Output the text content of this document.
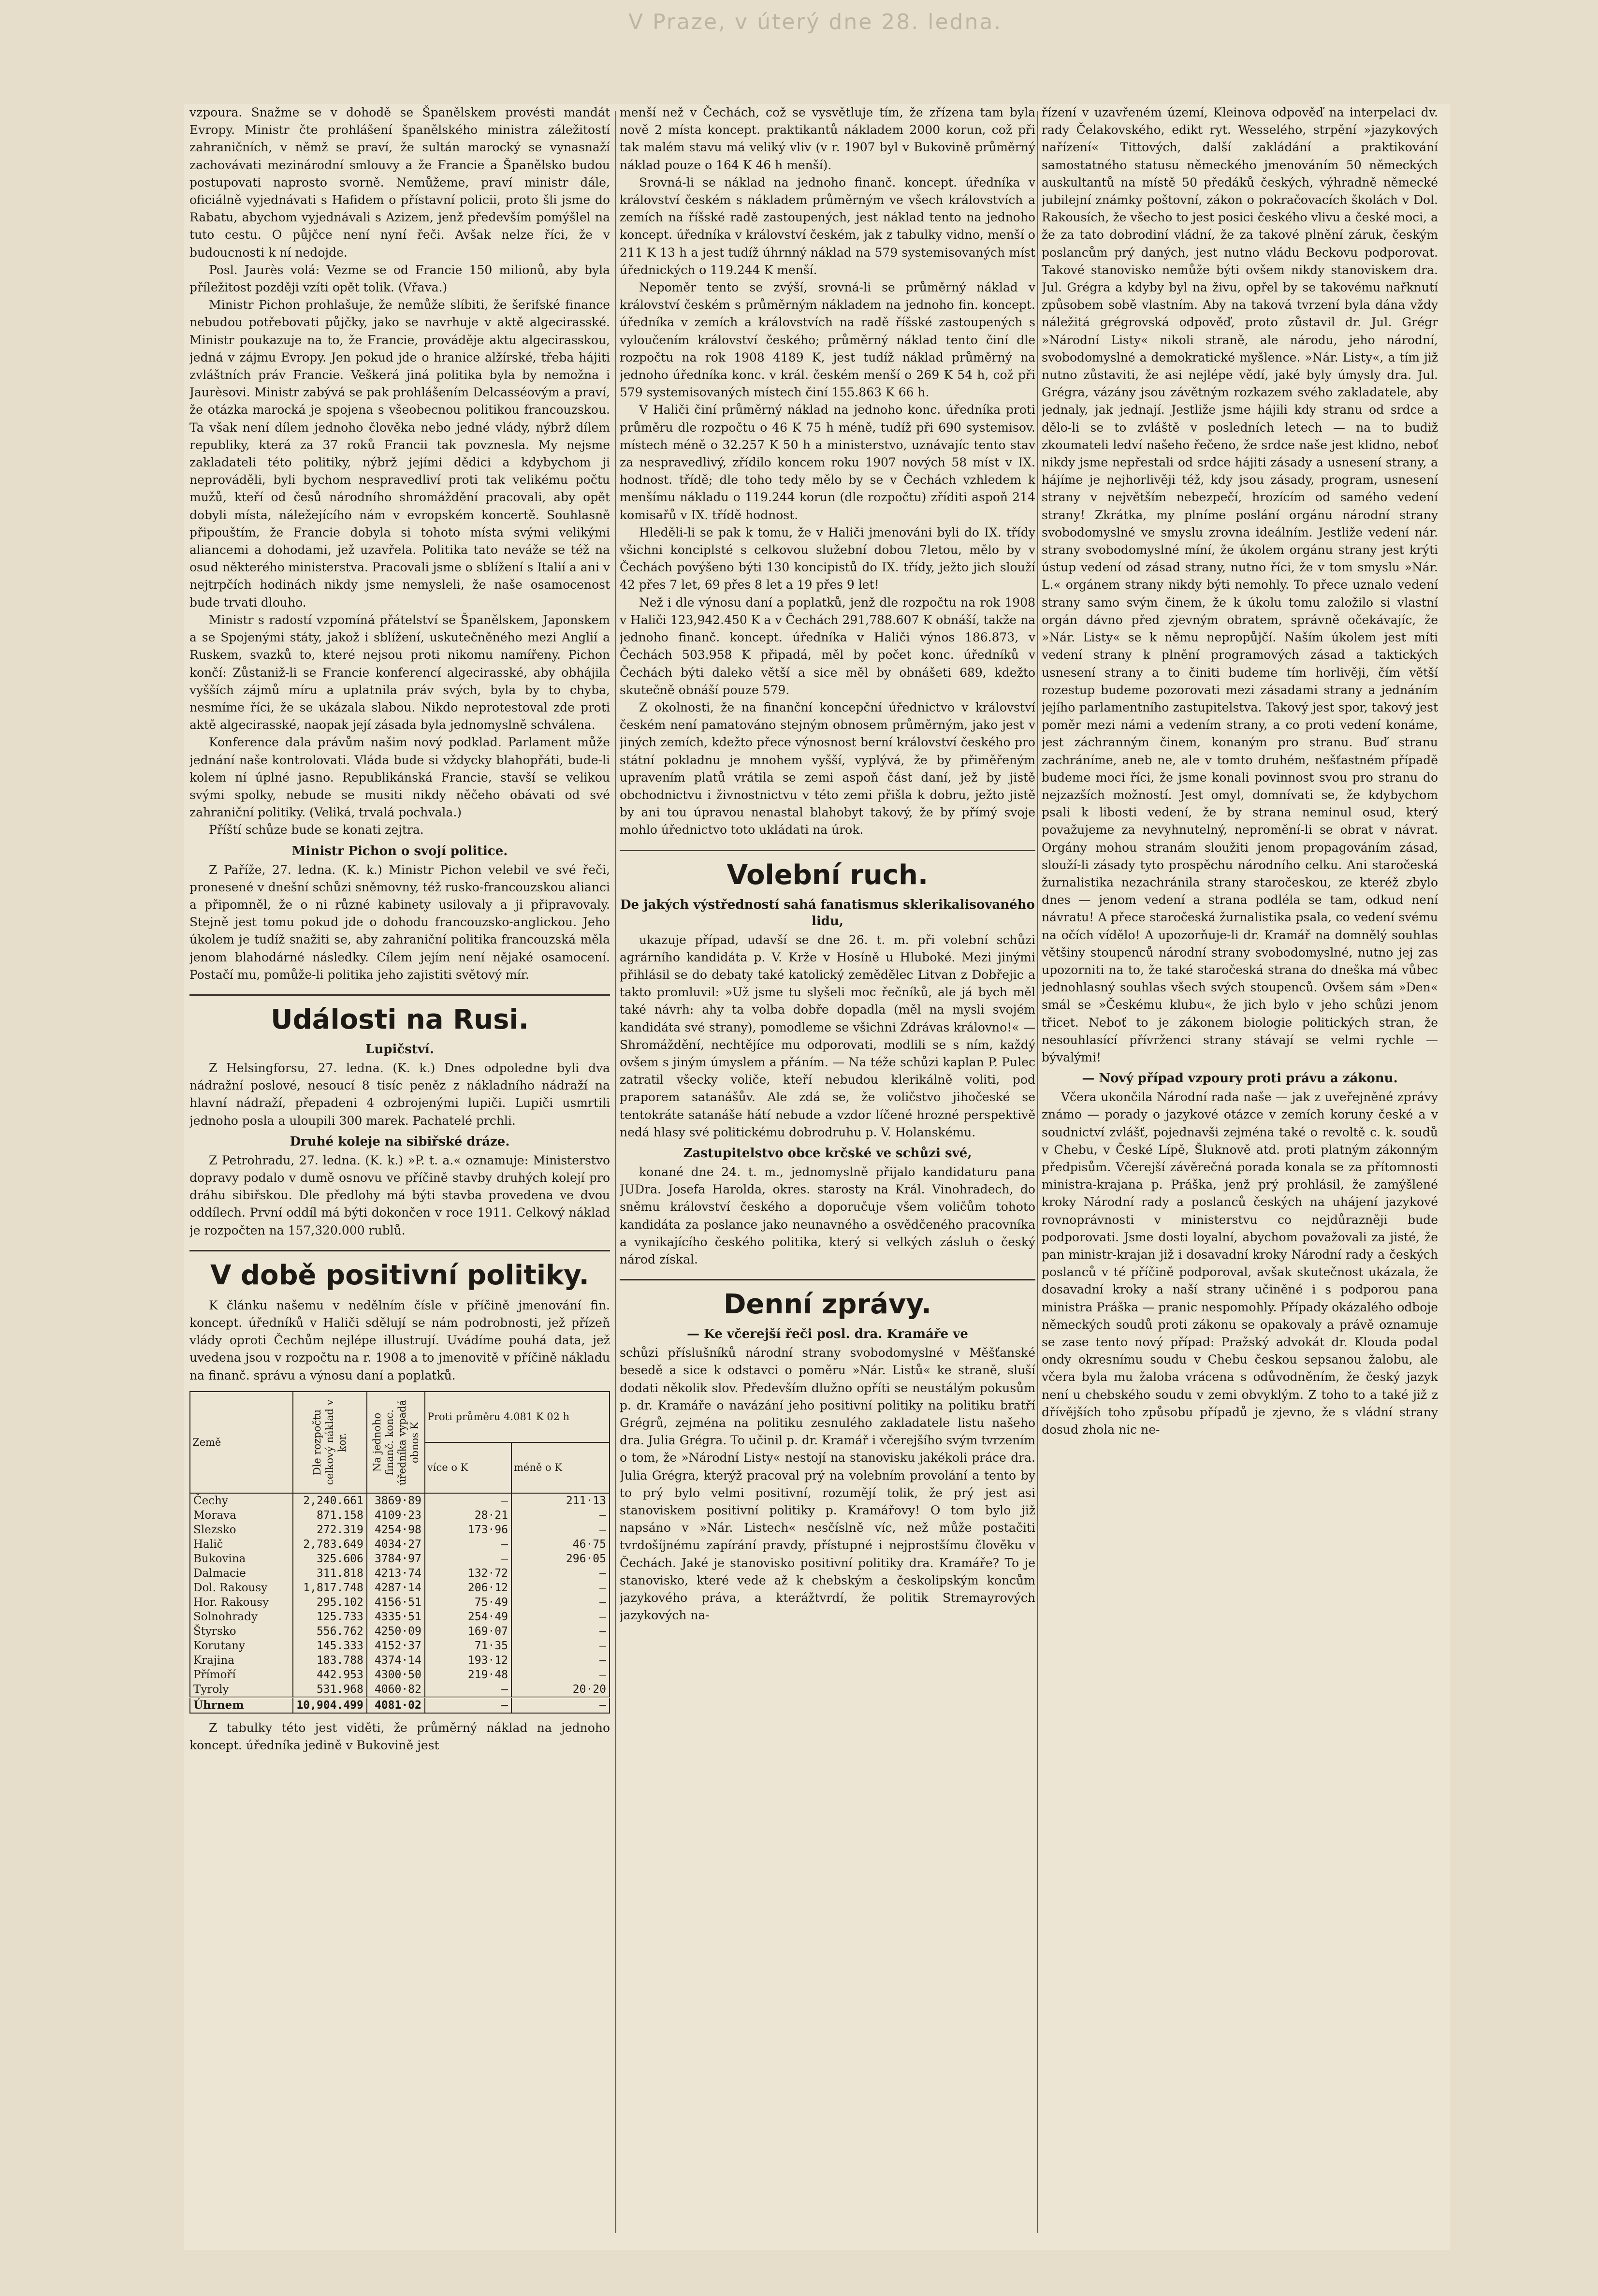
V Praze, v úterý dne 28. ledna.

vzpoura. Snažme se v dohodě se Španělskem provésti mandát Evropy. Ministr čte prohlášení španělského ministra záležitostí zahraničních, v němž se praví, že sultán marocký se vynasnaží zachovávati mezinárodní smlouvy a že Francie a Španělsko budou postupovati naprosto svorně. Nemůžeme, praví ministr dále, oficiálně vyjednávati s Hafidem o přístavní policii, proto šli jsme do Rabatu, abychom vyjednávali s Azizem, jenž především pomýšlel na tuto cestu. O půjčce není nyní řeči. Avšak nelze říci, že v budoucnosti k ní nedojde.

Posl. Jaurès volá: Vezme se od Francie 150 milionů, aby byla příležitost později vzíti opět tolik. (Vřava.)

Ministr Pichon prohlašuje, že nemůže slíbiti, že šerifské finance nebudou potřebovati půjčky, jako se navrhuje v aktě algecirasské. Ministr poukazuje na to, že Francie, prováděje aktu algecirasskou, jedná v zájmu Evropy. Jen pokud jde o hranice alžírské, třeba hájiti zvláštních práv Francie. Veškerá jiná politika byla by nemožna i Jaurèsovi. Ministr zabývá se pak prohlášením Delcasséovým a praví, že otázka marocká je spojena s všeobecnou politikou francouzskou. Ta však není dílem jednoho člověka nebo jedné vlády, nýbrž dílem republiky, která za 37 roků Francii tak povznesla. My nejsme zakladateli této politiky, nýbrž jejími dědici a kdybychom ji neprováděli, byli bychom nespravedliví proti tak velikému počtu mužů, kteří od česů národního shromáždění pracovali, aby opět dobyli místa, náležejícího nám v evropském koncertě. Souhlasně připouštím, že Francie dobyla si tohoto místa svými velikými aliancemi a dohodami, jež uzavřela. Politika tato neváže se též na osud některého ministerstva. Pracovali jsme o sblížení s Italií a ani v nejtrpčích hodinách nikdy jsme nemysleli, že naše osamocenost bude trvati dlouho.

Ministr s radostí vzpomíná přátelství se Španělskem, Japonskem a se Spojenými státy, jakož i sblížení, uskutečněného mezi Anglií a Ruskem, svazků to, které nejsou proti nikomu namířeny. Pichon končí: Zůstaniž-li se Francie konferencí algecirasské, aby obhájila vyšších zájmů míru a uplatnila práv svých, byla by to chyba, nesmíme říci, že se ukázala slabou. Nikdo neprotestoval zde proti aktě algecirasské, naopak její zásada byla jednomyslně schválena.

Konference dala právům našim nový podklad. Parlament může jednání naše kontrolovati. Vláda bude si vždycky blahopřáti, bude-li kolem ní úplné jasno. Republikánská Francie, stavší se velikou svými spolky, nebude se musiti nikdy něčeho obávati od své zahraniční politiky. (Veliká, trvalá pochvala.)

Příští schůze bude se konati zejtra.

Ministr Pichon o svojí politice.

Z Paříže, 27. ledna. (K. k.) Ministr Pichon velebil ve své řeči, pronesené v dnešní schůzi sněmovny, též rusko-francouzskou alianci a připomněl, že o ni různé kabinety usilovaly a ji připravovaly. Stejně jest tomu pokud jde o dohodu francouzsko-anglickou. Jeho úkolem je tudíž snažiti se, aby zahraniční politika francouzská měla jenom blahodárné následky. Cílem jejím není nějaké osamocení. Postačí mu, pomůže-li politika jeho zajistiti světový mír.

Události na Rusi.
Lupičství.

Z Helsingforsu, 27. ledna. (K. k.) Dnes odpoledne byli dva nádražní poslové, nesoucí 8 tisíc peněz z nákladního nádraží na hlavní nádraží, přepadeni 4 ozbrojenými lupiči. Lupiči usmrtili jednoho posla a uloupili 300 marek. Pachatelé prchli.

Druhé koleje na sibiřské dráze.

Z Petrohradu, 27. ledna. (K. k.) »P. t. a.« oznamuje: Ministerstvo dopravy podalo v dumě osnovu ve příčině stavby druhých kolejí pro dráhu sibiřskou. Dle předlohy má býti stavba provedena ve dvou oddílech. První oddíl má býti dokončen v roce 1911. Celkový náklad je rozpočten na 157,320.000 rublů.

V době positivní politiky.

K článku našemu v nedělním čísle v příčině jmenování fin. koncept. úředníků v Haliči sdělují se nám podrobnosti, jež přízeň vlády oproti Čechům nejlépe illustrují. Uvádíme pouhá data, jež uvedena jsou v rozpočtu na r. 1908 a to jmenovitě v příčině nákladu na finanč. správu a výnosu daní a poplatků.

Země	Dle rozpočtu celkový náklad v kor.	Na jednoho finanč. konc. úředníka vypadá obnos K	Proti průměru 4.081 K 02 h	
			více o K	méně o K
Čechy	2,240.661	3869·89	—	211·13
Morava	871.158	4109·23	28·21	—
Slezsko	272.319	4254·98	173·96	—
Halič	2,783.649	4034·27	—	46·75
Bukovina	325.606	3784·97	—	296·05
Dalmacie	311.818	4213·74	132·72	—
Dol. Rakousy	1,817.748	4287·14	206·12	—
Hor. Rakousy	295.102	4156·51	75·49	—
Solnohrady	125.733	4335·51	254·49	—
Štyrsko	556.762	4250·09	169·07	—
Korutany	145.333	4152·37	71·35	—
Krajina	183.788	4374·14	193·12	—
Přímoří	442.953	4300·50	219·48	—
Tyroly	531.968	4060·82	—	20·20
Úhrnem	10,904.499	4081·02	—	—

Z tabulky této jest viděti, že průměrný náklad na jednoho koncept. úředníka jedině v Bukovině jest

menší než v Čechách, což se vysvětluje tím, že zřízena tam byla nově 2 místa koncept. praktikantů nákladem 2000 korun, což při tak malém stavu má veliký vliv (v r. 1907 byl v Bukovině průměrný náklad pouze o 164 K 46 h menší).

Srovná-li se náklad na jednoho finanč. koncept. úředníka v království českém s nákladem průměrným ve všech královstvích a zemích na říšské radě zastoupených, jest náklad tento na jednoho koncept. úředníka v království českém, jak z tabulky vidno, menší o 211 K 13 h a jest tudíž úhrnný náklad na 579 systemisovaných míst úřednických o 119.244 K menší.

Nepoměr tento se zvýší, srovná-li se průměrný náklad v království českém s průměrným nákladem na jednoho fin. koncept. úředníka v zemích a královstvích na radě říšské zastoupených s vyloučením království českého; průměrný náklad tento činí dle rozpočtu na rok 1908 4189 K, jest tudíž náklad průměrný na jednoho úředníka konc. v král. českém menší o 269 K 54 h, což při 579 systemisovaných místech činí 155.863 K 66 h.

V Haliči činí průměrný náklad na jednoho konc. úředníka proti průměru dle rozpočtu o 46 K 75 h méně, tudíž při 690 systemisov. místech méně o 32.257 K 50 h a ministerstvo, uznávajíc tento stav za nespravedlivý, zřídilo koncem roku 1907 nových 58 míst v IX. hodnost. třídě; dle toho tedy mělo by se v Čechách vzhledem k menšímu nákladu o 119.244 korun (dle rozpočtu) zříditi aspoň 214 komisařů v IX. třídě hodnost.

Hleděli-li se pak k tomu, že v Haliči jmenováni byli do IX. třídy všichni konciplsté s celkovou služební dobou 7letou, mělo by v Čechách povýšeno býti 130 koncipistů do IX. třídy, ježto jich slouží 42 přes 7 let, 69 přes 8 let a 19 přes 9 let!

Než i dle výnosu daní a poplatků, jenž dle rozpočtu na rok 1908 v Haliči 123,942.450 K a v Čechách 291,788.607 K obnáší, takže na jednoho finanč. koncept. úředníka v Haliči výnos 186.873, v Čechách 503.958 K připadá, měl by počet konc. úředníků v Čechách býti daleko větší a sice měl by obnášeti 689, kdežto skutečně obnáší pouze 579.

Z okolnosti, že na finanční koncepční úřednictvo v království českém není pamatováno stejným obnosem průměrným, jako jest v jiných zemích, kdežto přece výnosnost berní království českého pro státní pokladnu je mnohem vyšší, vyplývá, že by přiměřeným upravením platů vrátila se zemi aspoň část daní, jež by jistě obchodnictvu i živnostnictvu v této zemi přišla k dobru, ježto jistě by ani tou úpravou nenastal blahobyt takový, že by přímý svoje mohlo úřednictvo toto ukládati na úrok.

Volební ruch.
De jakých výstředností sahá fanatismus sklerikalisovaného lidu,

ukazuje případ, udavší se dne 26. t. m. při volební schůzi agrárního kandidáta p. V. Krže v Hosíně u Hluboké. Mezi jinými přihlásil se do debaty také katolický zemědělec Litvan z Dobřejic a takto promluvil: »Už jsme tu slyšeli moc řečníků, ale já bych měl také návrh: ahy ta volba dobře dopadla (měl na mysli svojém kandidáta své strany), pomodleme se všichni Zdrávas královno!« — Shromáždění, nechtějíce mu odporovati, modlili se s ním, každý ovšem s jiným úmyslem a přáním. — Na téže schůzi kaplan P. Pulec zatratil všecky voliče, kteří nebudou klerikálně voliti, pod praporem satanášův. Ale zdá se, že voličstvo jihočeské se tentokráte satanáše hátí nebude a vzdor líčené hrozné perspektivě nedá hlasy své politickému dobrodruhu p. V. Holanskému.

Zastupitelstvo obce krčské ve schůzi své,

konané dne 24. t. m., jednomyslně přijalo kandidaturu pana JUDra. Josefa Harolda, okres. starosty na Král. Vinohradech, do sněmu království českého a doporučuje všem voličům tohoto kandidáta za poslance jako neunavného a osvědčeného pracovníka a vynikajícího českého politika, který si velkých zásluh o český národ získal.

Denní zprávy.
— Ke včerejší řeči posl. dra. Kramáře ve

schůzi příslušníků národní strany svobodomyslné v Měšťanské besedě a sice k odstavci o poměru »Nár. Listů« ke straně, sluší dodati několik slov. Především dlužno opříti se neustálým pokusům p. dr. Kramáře o navázání jeho positivní politiky na politiku bratří Grégrů, zejména na politiku zesnulého zakladatele listu našeho dra. Julia Grégra. To učinil p. dr. Kramář i včerejšího svým tvrzením o tom, že »Národní Listy« nestojí na stanovisku jakékoli práce dra. Julia Grégra, kterýž pracoval prý na volebním provolání a tento by to prý bylo velmi positivní, rozumějí tolik, že prý jest asi stanoviskem positivní politiky p. Kramářovy! O tom bylo již napsáno v »Nár. Listech« nesčíslně víc, než může postačiti tvrdošíjnému zapírání pravdy, přístupné i nejprostšímu člověku v Čechách. Jaké je stanovisko positivní politiky dra. Kramáře? To je stanovisko, které vede až k chebským a českolipským koncům jazykového práva, a kterážtvrdí, že politik Stremayrových jazykových na-

řízení v uzavřeném území, Kleinova odpověď na interpelaci dv. rady Čelakovského, edikt ryt. Wesselého, strpění »jazykových nařízení« Tittových, další zakládání a praktikování samostatného statusu německého jmenováním 50 německých auskultantů na místě 50 předáků českých, výhradně německé jubilejní známky poštovní, zákon o pokračovacích školách v Dol. Rakousích, že všecho to jest posici českého vlivu a české moci, a že za tato dobrodiní vládní, že za takové plnění záruk, českým poslancům prý daných, jest nutno vládu Beckovu podporovat. Takové stanovisko nemůže býti ovšem nikdy stanoviskem dra. Jul. Grégra a kdyby byl na živu, opřel by se takovému nařknutí způsobem sobě vlastním. Aby na taková tvrzení byla dána vždy náležitá grégrovská odpověď, proto zůstavil dr. Jul. Grégr »Národní Listy« nikoli straně, ale národu, jeho národní, svobodomyslné a demokratické myšlence. »Nár. Listy«, a tím již nutno zůstaviti, že asi nejlépe vědí, jaké byly úmysly dra. Jul. Grégra, vázány jsou závětným rozkazem svého zakladatele, aby jednaly, jak jednají. Jestliže jsme hájili kdy stranu od srdce a dělo-li se to zvláště v posledních letech — na to budiž zkoumateli ledví našeho řečeno, že srdce naše jest klidno, neboť nikdy jsme nepřestali od srdce hájiti zásady a usnesení strany, a hájíme je nejhorlivěji též, kdy jsou zásady, program, usnesení strany v největším nebezpečí, hrozícím od samého vedení strany! Zkrátka, my plníme poslání orgánu národní strany svobodomyslné ve smyslu zrovna ideálním. Jestliže vedení nár. strany svobodomyslné míní, že úkolem orgánu strany jest krýti ústup vedení od zásad strany, nutno říci, že v tom smyslu »Nár. L.« orgánem strany nikdy býti nemohly. To přece uznalo vedení strany samo svým činem, že k úkolu tomu založilo si vlastní orgán dávno před zjevným obratem, správně očekávajíc, že »Nár. Listy« se k němu nepropůjčí. Naším úkolem jest míti vedení strany k plnění programových zásad a taktických usnesení strany a to činiti budeme tím horlivěji, čím větší rozestup budeme pozorovati mezi zásadami strany a jednáním jejího parlamentního zastupitelstva. Takový jest spor, takový jest poměr mezi námi a vedením strany, a co proti vedení konáme, jest záchranným činem, konaným pro stranu. Buď stranu zachráníme, aneb ne, ale v tomto druhém, nešťastném případě budeme moci říci, že jsme konali povinnost svou pro stranu do nejzazších možností. Jest omyl, domnívati se, že kdybychom psali k libosti vedení, že by strana neminul osud, který považujeme za nevyhnutelný, nepromění-li se obrat v návrat. Orgány mohou stranám sloužiti jenom propagováním zásad, slouží-li zásady tyto prospěchu národního celku. Ani staročeská žurnalistika nezachránila strany staročeskou, ze kteréž zbylo dnes — jenom vedení a strana podléla se tam, odkud není návratu! A přece staročeská žurnalistika psala, co vedení svému na očích vídělo! A upozorňuje-li dr. Kramář na domnělý souhlas většiny stoupenců národní strany svobodomyslné, nutno jej zas upozorniti na to, že také staročeská strana do dneška má vůbec jednohlasný souhlas všech svých stoupenců. Ovšem sám »Den« smál se »Českému klubu«, že jich bylo v jeho schůzi jenom třicet. Neboť to je zákonem biologie politických stran, že nesouhlasící přívrženci strany stávají se velmi rychle — bývalými!

— Nový případ vzpoury proti právu a zákonu.

Včera ukončila Národní rada naše — jak z uveřejněné zprávy známo — porady o jazykové otázce v zemích koruny české a v soudnictví zvlášť, pojednavši zejména také o revoltě c. k. soudů v Chebu, v České Lípě, Šluknově atd. proti platným zákonným předpisům. Včerejší závěrečná porada konala se za přítomnosti ministra-krajana p. Práška, jenž prý prohlásil, že zamýšlené kroky Národní rady a poslanců českých na uhájení jazykové rovnoprávnosti v ministerstvu co nejdůrazněji bude podporovati. Jsme dosti loyalní, abychom považovali za jisté, že pan ministr-krajan již i dosavadní kroky Národní rady a českých poslanců v té příčině podporoval, avšak skutečnost ukázala, že dosavadní kroky a naší strany učiněné i s podporou pana ministra Práška — pranic nespomohly. Případy okázalého odboje německých soudů proti zákonu se opakovaly a právě oznamuje se zase tento nový případ: Pražský advokát dr. Klouda podal ondy okresnímu soudu v Chebu českou sepsanou žalobu, ale včera byla mu žaloba vrácena s odůvodněním, že český jazyk není u chebského soudu v zemi obvyklým. Z toho to a také již z dřívějších toho způsobu případů je zjevno, že s vládní strany dosud zhola nic ne-
